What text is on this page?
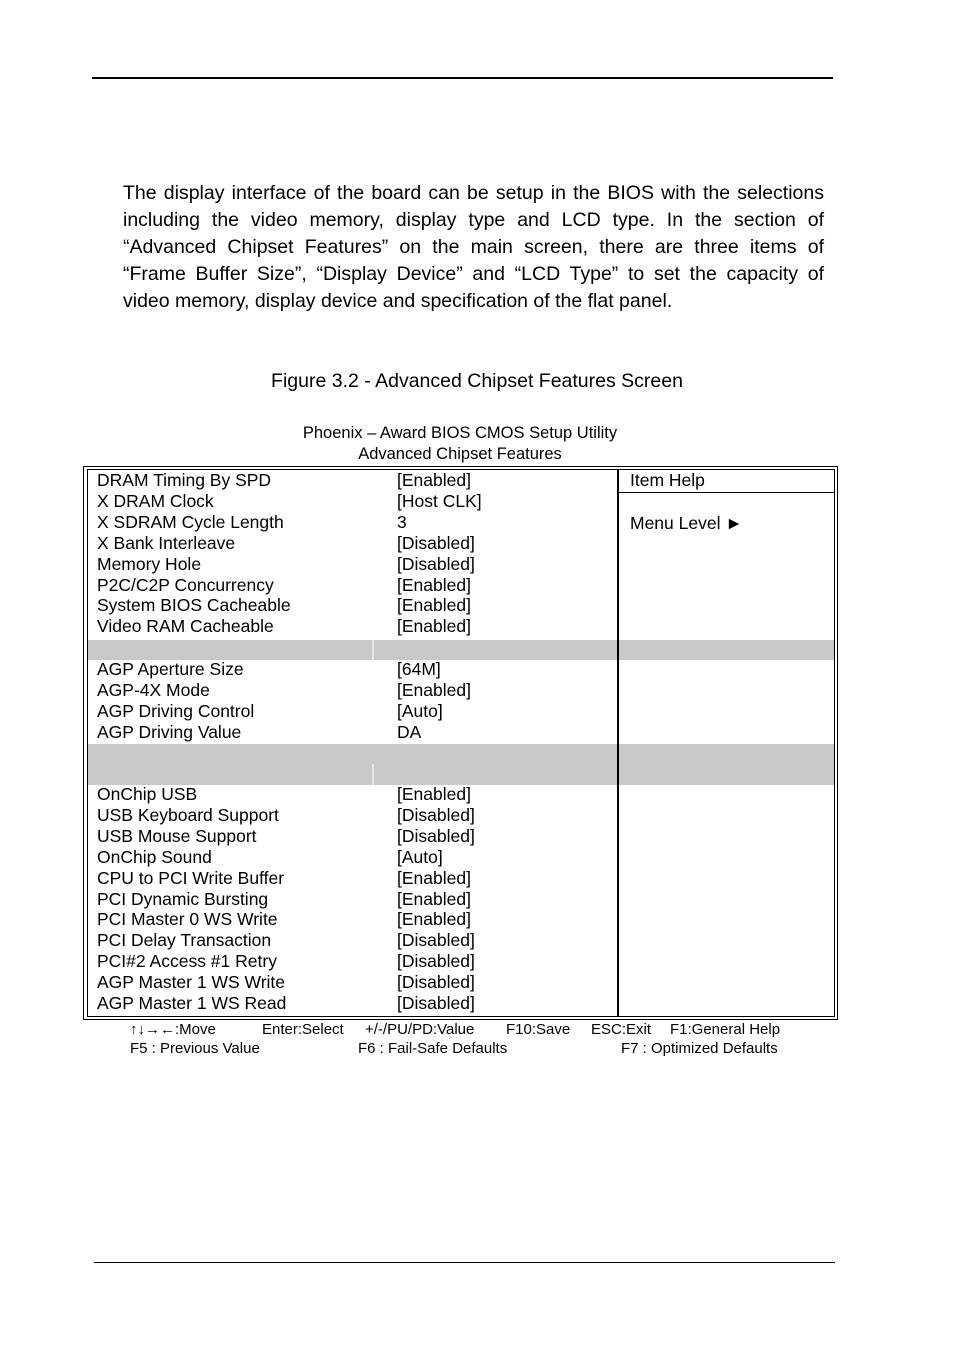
The display interface of the board can be setup in the BIOS with the selections including the video memory, display type and LCD type. In the section of “Advanced Chipset Features” on the main screen, there are three items of “Frame Buffer Size”, “Display Device” and “LCD Type” to set the capacity of video memory, display device and specification of the flat panel.

Figure 3.2 - Advanced Chipset Features Screen
Phoenix – Award BIOS CMOS Setup Utility
Advanced Chipset Features
DRAM Timing By SPD	[Enabled]
X DRAM Clock	[Host CLK]
X SDRAM Cycle Length	3
X Bank Interleave	[Disabled]
Memory Hole	[Disabled]
P2C/C2P Concurrency	[Enabled]
System BIOS Cacheable	[Enabled]
Video RAM Cacheable	[Enabled]
AGP Aperture Size	[64M]
AGP-4X Mode	[Enabled]
AGP Driving Control	[Auto]
AGP Driving Value	DA
OnChip USB	[Enabled]
USB Keyboard Support	[Disabled]
USB Mouse Support	[Disabled]
OnChip Sound	[Auto]
CPU to PCI Write Buffer	[Enabled]
PCI Dynamic Bursting	[Enabled]
PCI Master 0 WS Write	[Enabled]
PCI Delay Transaction	[Disabled]
PCI#2 Access #1 Retry	[Disabled]
AGP Master 1 WS Write	[Disabled]
AGP Master 1 WS Read	[Disabled]
Item Help
Menu Level ►
↑↓→←:Move	Enter:Select +/-/PU/PD:Value F10:Save ESC:Exit F1:General Help
F5 : Previous Value	F6 : Fail-Safe Defaults	F7 : Optimized Defaults
